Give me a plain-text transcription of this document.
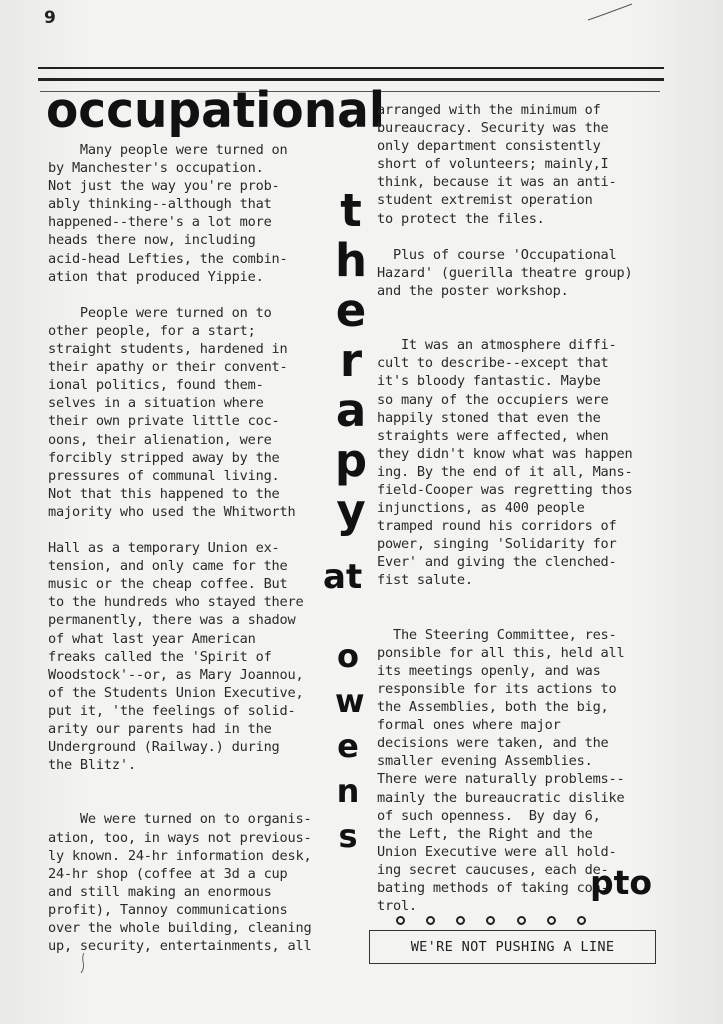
9
occupational
Many people were turned on
by Manchester's occupation.
Not just the way you're prob-
ably thinking--although that
happened--there's a lot more
heads there now, including
acid-head Lefties, the combin-
ation that produced Yippie.

People were turned on to
other people, for a start;
straight students, hardened in
their apathy or their convent-
ional politics, found them-
selves in a situation where
their own private little coc-
oons, their alienation, were
forcibly stripped away by the
pressures of communal living.
Not that this happened to the
majority who used the Whitworth

Hall as a temporary Union ex-
tension, and only came for the
music or the cheap coffee. But
to the hundreds who stayed there
permanently, there was a shadow
of what last year American
freaks called the 'Spirit of
Woodstock'--or, as Mary Joannou,
of the Students Union Executive,
put it, 'the feelings of solid-
arity our parents had in the
Underground (Railway.) during
the Blitz'.

We were turned on to organis-
ation, too, in ways not previous-
ly known. 24-hr information desk,
24-hr shop (coffee at 3d a cup
and still making an enormous
profit), Tannoy communications
over the whole building, cleaning
up, security, entertainments, all
arranged with the minimum of
bureaucracy. Security was the
only department consistently
short of volunteers; mainly,I
think, because it was an anti-
student extremist operation
to protect the files.

Plus of course 'Occupational
Hazard' (guerilla theatre group)
and the poster workshop.

It was an atmosphere diffi-
cult to describe--except that
it's bloody fantastic. Maybe
so many of the occupiers were
happily stoned that even the
straights were affected, when
they didn't know what was happen
ing. By the end of it all, Mans-
field-Cooper was regretting thos
injunctions, as 400 people
tramped round his corridors of
power, singing 'Solidarity for
Ever' and giving the clenched-
fist salute.

The Steering Committee, res-
ponsible for all this, held all
its meetings openly, and was
responsible for its actions to
the Assemblies, both the big,
formal ones where major
decisions were taken, and the
smaller evening Assemblies.
There were naturally problems--
mainly the bureaucratic dislike
of such openness.  By day 6,
the Left, the Right and the
Union Executive were all hold-
ing secret caucuses, each de-
bating methods of taking con-
trol.
t
h
e
r
a
p
y
at
o
w
e
n
s
pto
WE'RE NOT PUSHING A LINE
